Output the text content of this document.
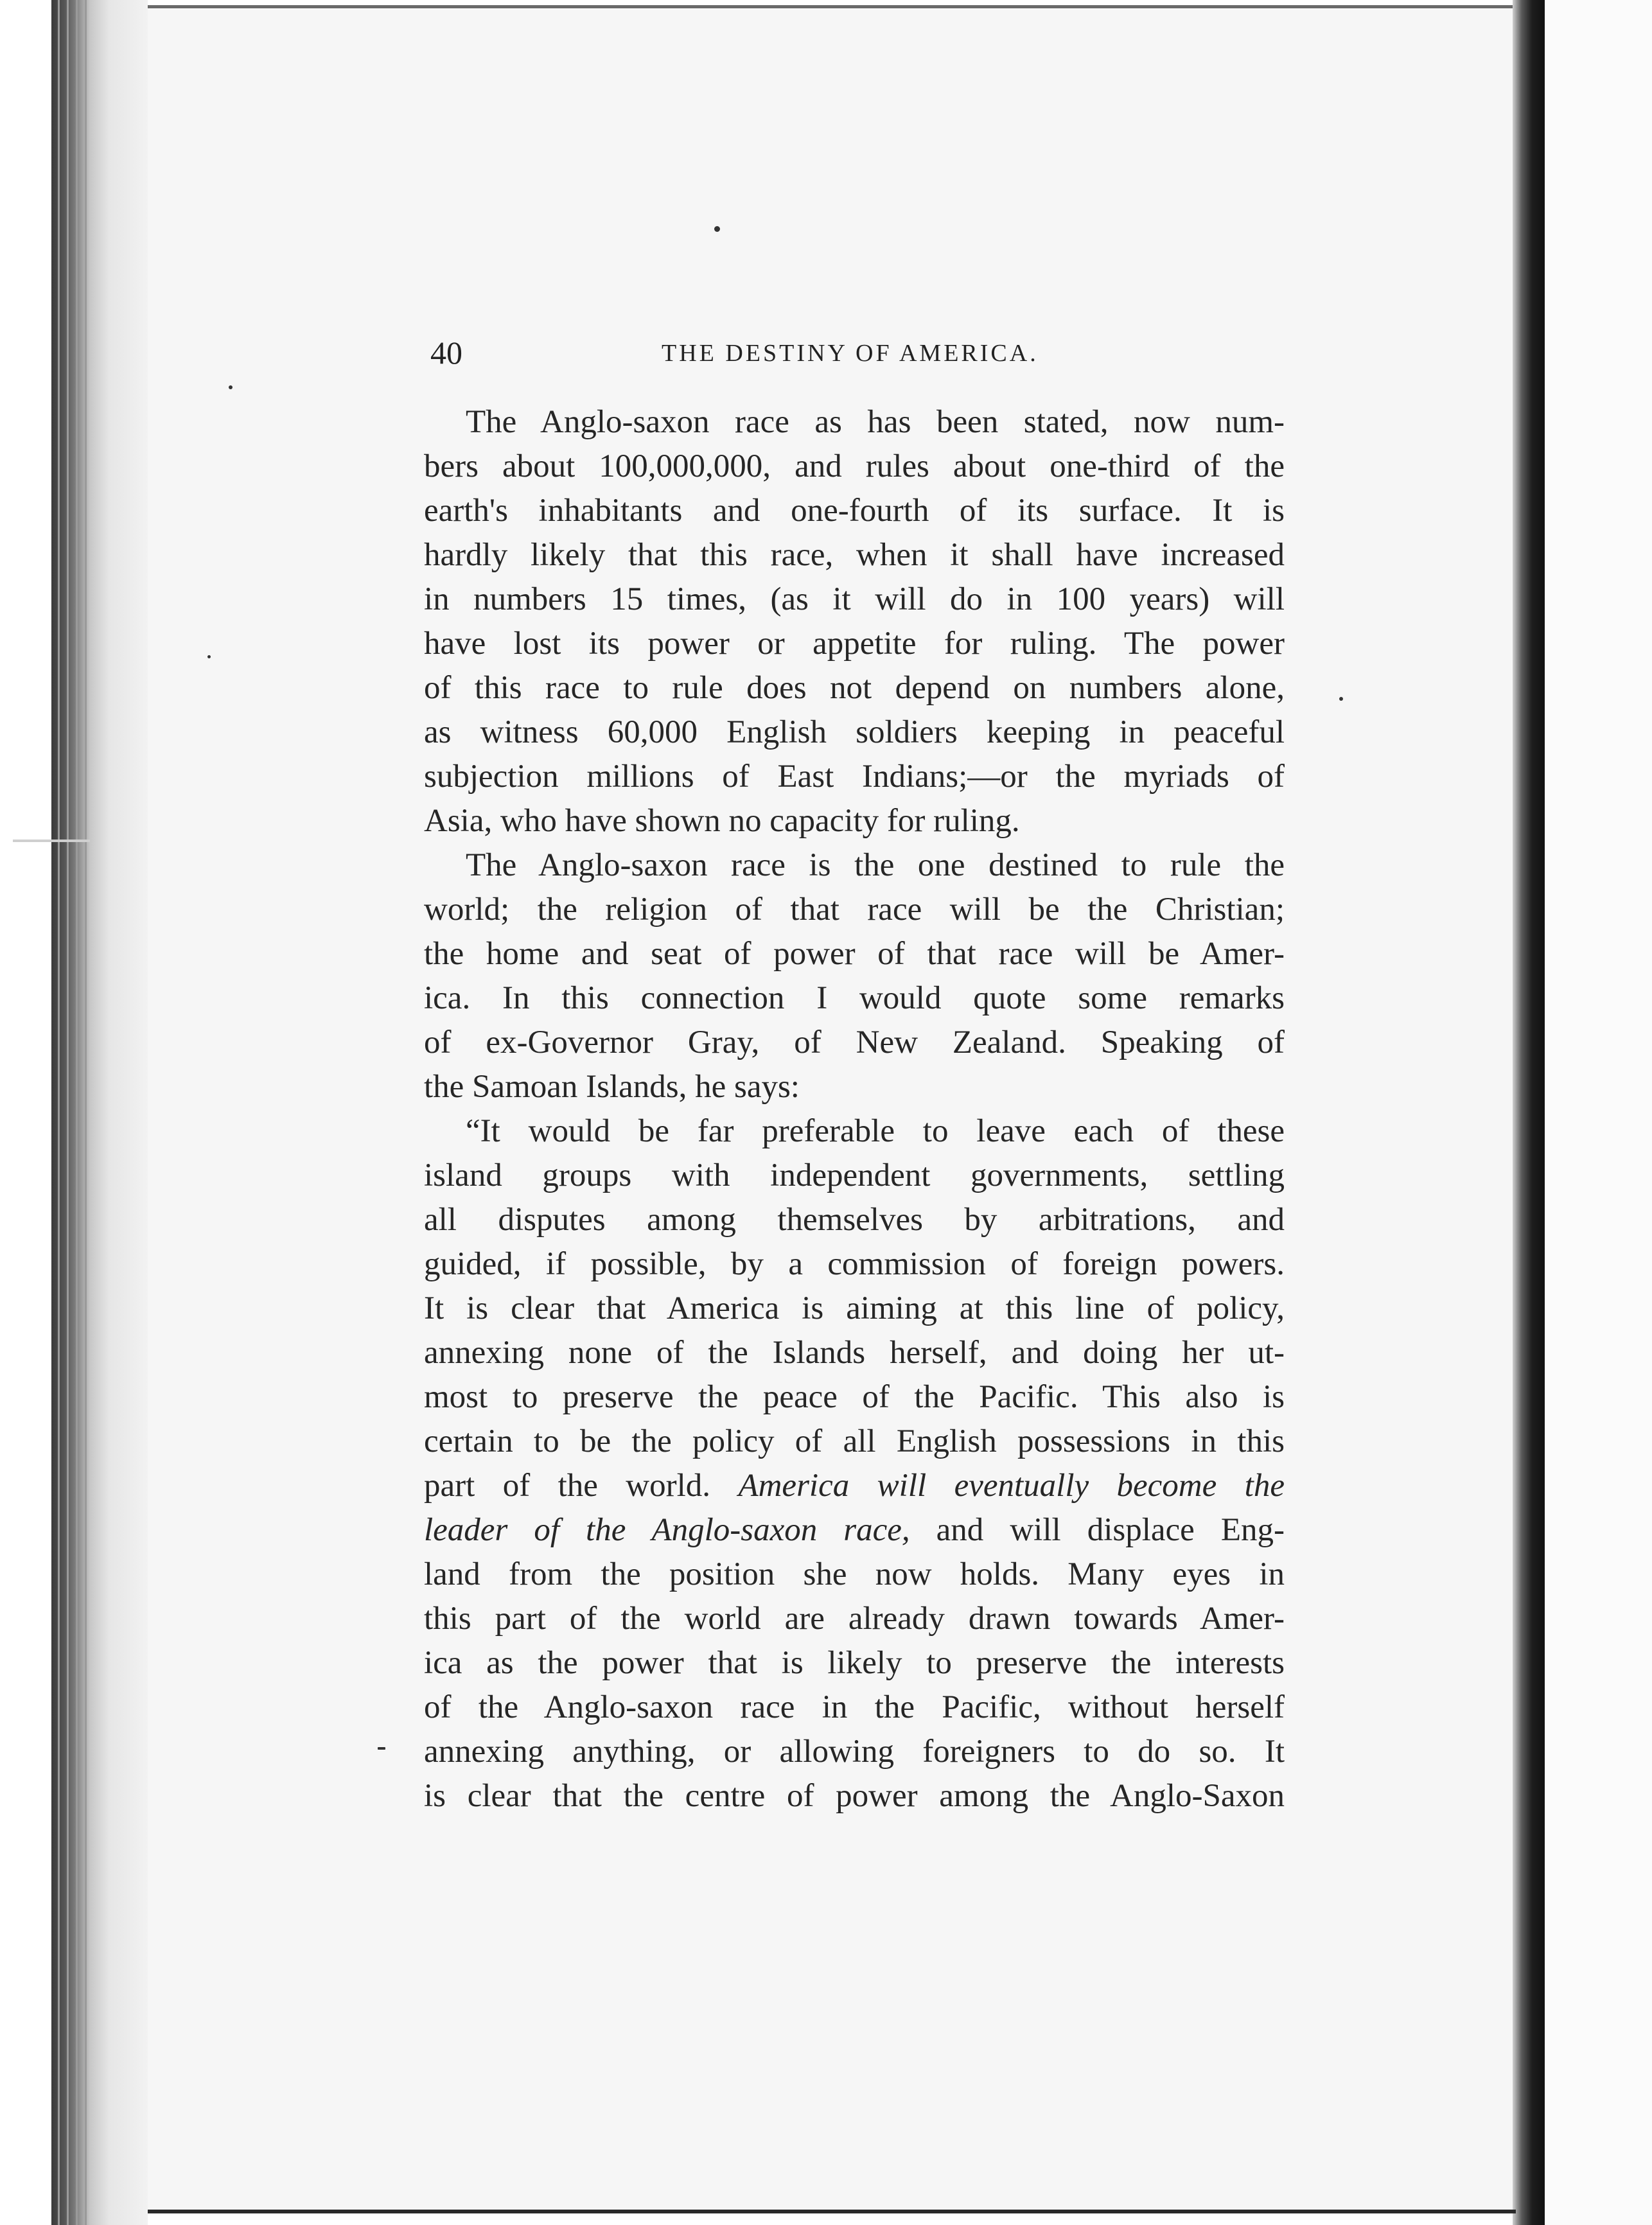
40	THE DESTINY OF AMERICA.
The Anglo-saxon race as has been stated, now num-
bers about 100,000,000, and rules about one-third of the
earth's inhabitants and one-fourth of its surface. It is
hardly likely that this race, when it shall have increased
in numbers 15 times, (as it will do in 100 years) will
have lost its power or appetite for ruling. The power
of this race to rule does not depend on numbers alone,
as witness 60,000 English soldiers keeping in peaceful
subjection millions of East Indians;—or the myriads of
Asia, who have shown no capacity for ruling.
The Anglo-saxon race is the one destined to rule the
world; the religion of that race will be the Christian;
the home and seat of power of that race will be Amer-
ica. In this connection I would quote some remarks
of ex-Governor Gray, of New Zealand. Speaking of
the Samoan Islands, he says:
“It would be far preferable to leave each of these
island groups with independent governments, settling
all disputes among themselves by arbitrations, and
guided, if possible, by a commission of foreign powers.
It is clear that America is aiming at this line of policy,
annexing none of the Islands herself, and doing her ut-
most to preserve the peace of the Pacific. This also is
certain to be the policy of all English possessions in this
part of the world. America will eventually become the
leader of the Anglo-saxon race, and will displace Eng-
land from the position she now holds. Many eyes in
this part of the world are already drawn towards Amer-
ica as the power that is likely to preserve the interests
of the Anglo-saxon race in the Pacific, without herself
annexing anything, or allowing foreigners to do so. It
is clear that the centre of power among the Anglo-Saxon
